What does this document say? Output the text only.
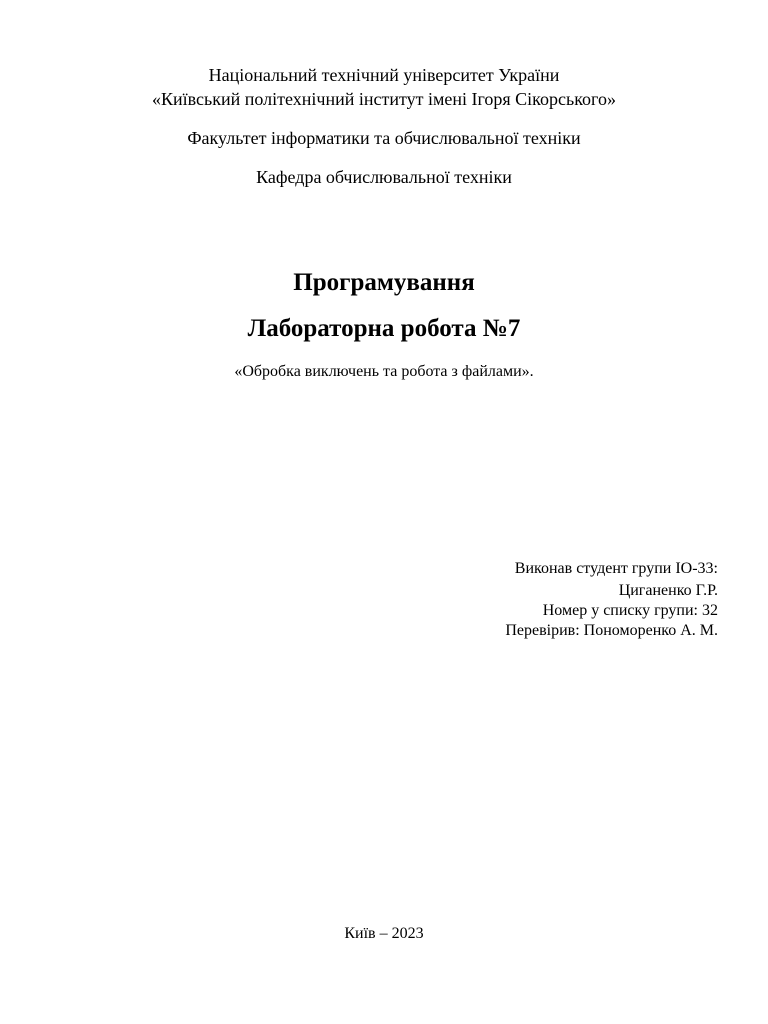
Національний технічний університет України
«Київський політехнічний інститут імені Ігоря Сікорського»
Факультет інформатики та обчислювальної техніки
Кафедра обчислювальної техніки
Програмування
Лабораторна робота №7
«Обробка виключень та робота з файлами».
Виконав студент групи ІО-33:
Циганенко Г.Р.
Номер у списку групи: 32
Перевірив: Пономоренко А. М.
Київ – 2023
